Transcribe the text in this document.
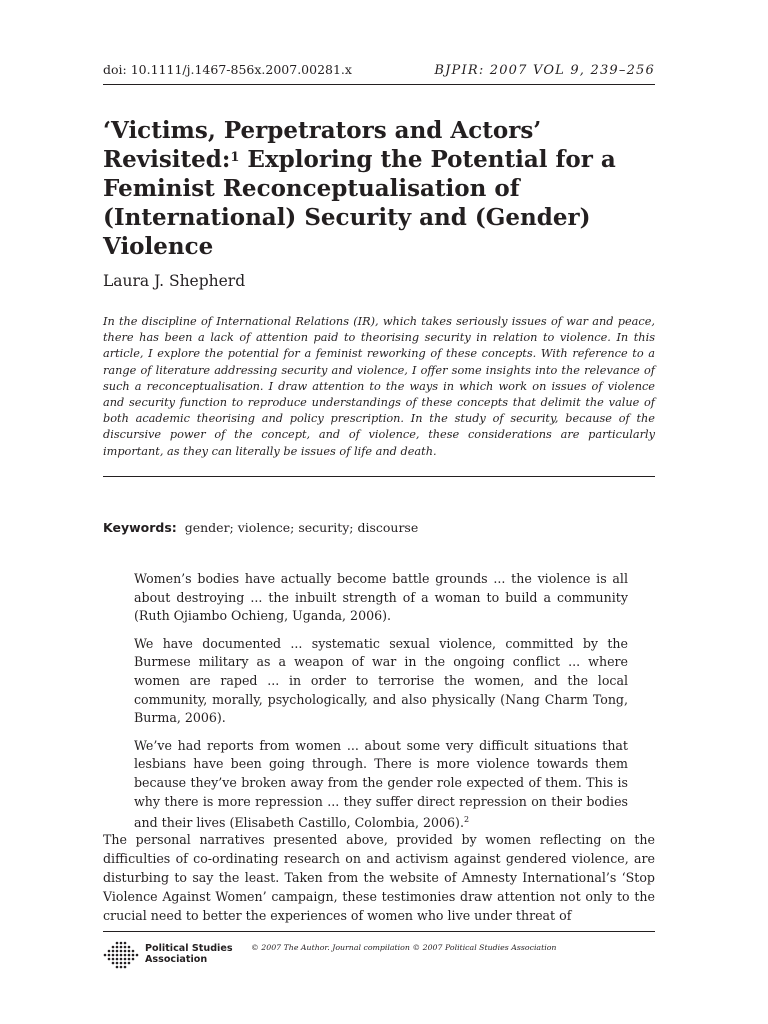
doi: 10.1111/j.1467-856x.2007.00281.x	BJPIR: 2007 VOL 9, 239–256
‘Victims, Perpetrators and Actors’ Revisited:$^1$ Exploring the Potential for a Feminist Reconceptualisation of (International) Security and (Gender) Violence

Laura J. Shepherd

In the discipline of International Relations (IR), which takes seriously issues of war and peace, there has been a lack of attention paid to theorising security in relation to violence. In this article, I explore the potential for a feminist reworking of these concepts. With reference to a range of literature addressing security and violence, I offer some insights into the relevance of such a reconceptualisation. I draw attention to the ways in which work on issues of violence and security function to reproduce understandings of these concepts that delimit the value of both academic theorising and policy prescription. In the study of security, because of the discursive power of the concept, and of violence, these considerations are particularly important, as they can literally be issues of life and death.

Keywords: gender; violence; security; discourse

Women’s bodies have actually become battle grounds ... the violence is all about destroying ... the inbuilt strength of a woman to build a community (Ruth Ojiambo Ochieng, Uganda, 2006).

We have documented ... systematic sexual violence, committed by the Burmese military as a weapon of war in the ongoing conflict ... where women are raped ... in order to terrorise the women, and the local community, morally, psychologically, and also physically (Nang Charm Tong, Burma, 2006).

We’ve had reports from women ... about some very difficult situations that lesbians have been going through. There is more violence towards them because they’ve broken away from the gender role expected of them. This is why there is more repression ... they suffer direct repression on their bodies and their lives (Elisabeth Castillo, Colombia, 2006).$^2$

The personal narratives presented above, provided by women reflecting on the difficulties of co-ordinating research on and activism against gendered violence, are disturbing to say the least. Taken from the website of Amnesty International’s ‘Stop Violence Against Women’ campaign, these testimonies draw attention not only to the crucial need to better the experiences of women who live under threat of

Political Studies
Association
© 2007 The Author. Journal compilation © 2007 Political Studies Association
